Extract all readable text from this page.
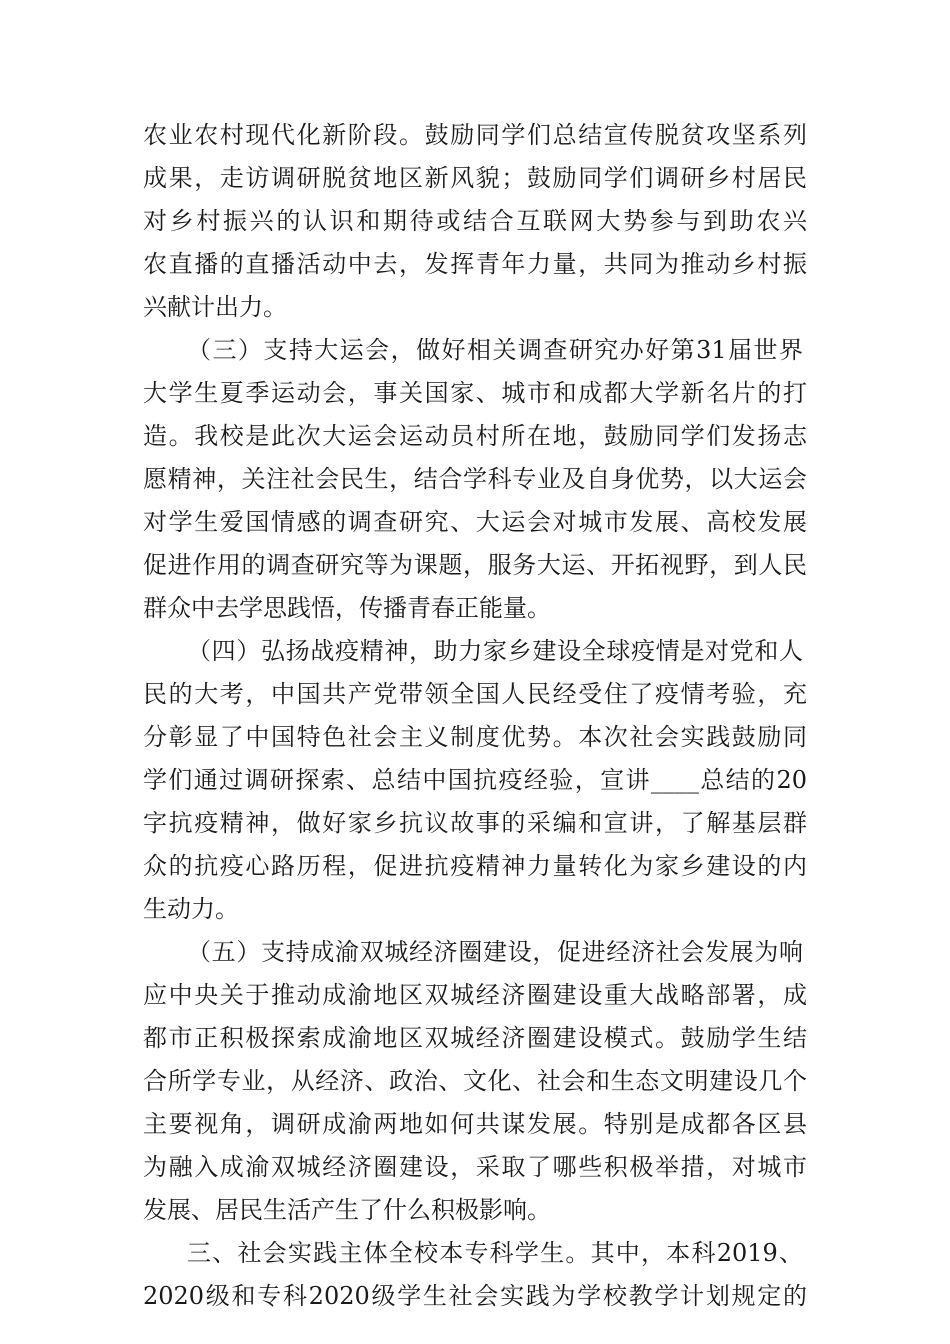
农业农村现代化新阶段。鼓励同学们总结宣传脱贫攻坚系列
成果，走访调研脱贫地区新风貌；鼓励同学们调研乡村居民
对乡村振兴的认识和期待或结合互联网大势参与到助农兴
农直播的直播活动中去，发挥青年力量，共同为推动乡村振
兴献计出力。
（三）支持大运会，做好相关调查研究办好第31届世界
大学生夏季运动会，事关国家、城市和成都大学新名片的打
造。我校是此次大运会运动员村所在地，鼓励同学们发扬志
愿精神，关注社会民生，结合学科专业及自身优势，以大运会
对学生爱国情感的调查研究、大运会对城市发展、高校发展
促进作用的调查研究等为课题，服务大运、开拓视野，到人民
群众中去学思践悟，传播青春正能量。
（四）弘扬战疫精神，助力家乡建设全球疫情是对党和人
民的大考，中国共产党带领全国人民经受住了疫情考验，充
分彰显了中国特色社会主义制度优势。本次社会实践鼓励同
学们通过调研探索、总结中国抗疫经验，宣讲____总结的20
字抗疫精神，做好家乡抗议故事的采编和宣讲，了解基层群
众的抗疫心路历程，促进抗疫精神力量转化为家乡建设的内
生动力。
（五）支持成渝双城经济圈建设，促进经济社会发展为响
应中央关于推动成渝地区双城经济圈建设重大战略部署，成
都市正积极探索成渝地区双城经济圈建设模式。鼓励学生结
合所学专业，从经济、政治、文化、社会和生态文明建设几个
主要视角，调研成渝两地如何共谋发展。特别是成都各区县
为融入成渝双城经济圈建设，采取了哪些积极举措，对城市
发展、居民生活产生了什么积极影响。
三、社会实践主体全校本专科学生。其中，本科2019、
2020级和专科2020级学生社会实践为学校教学计划规定的
